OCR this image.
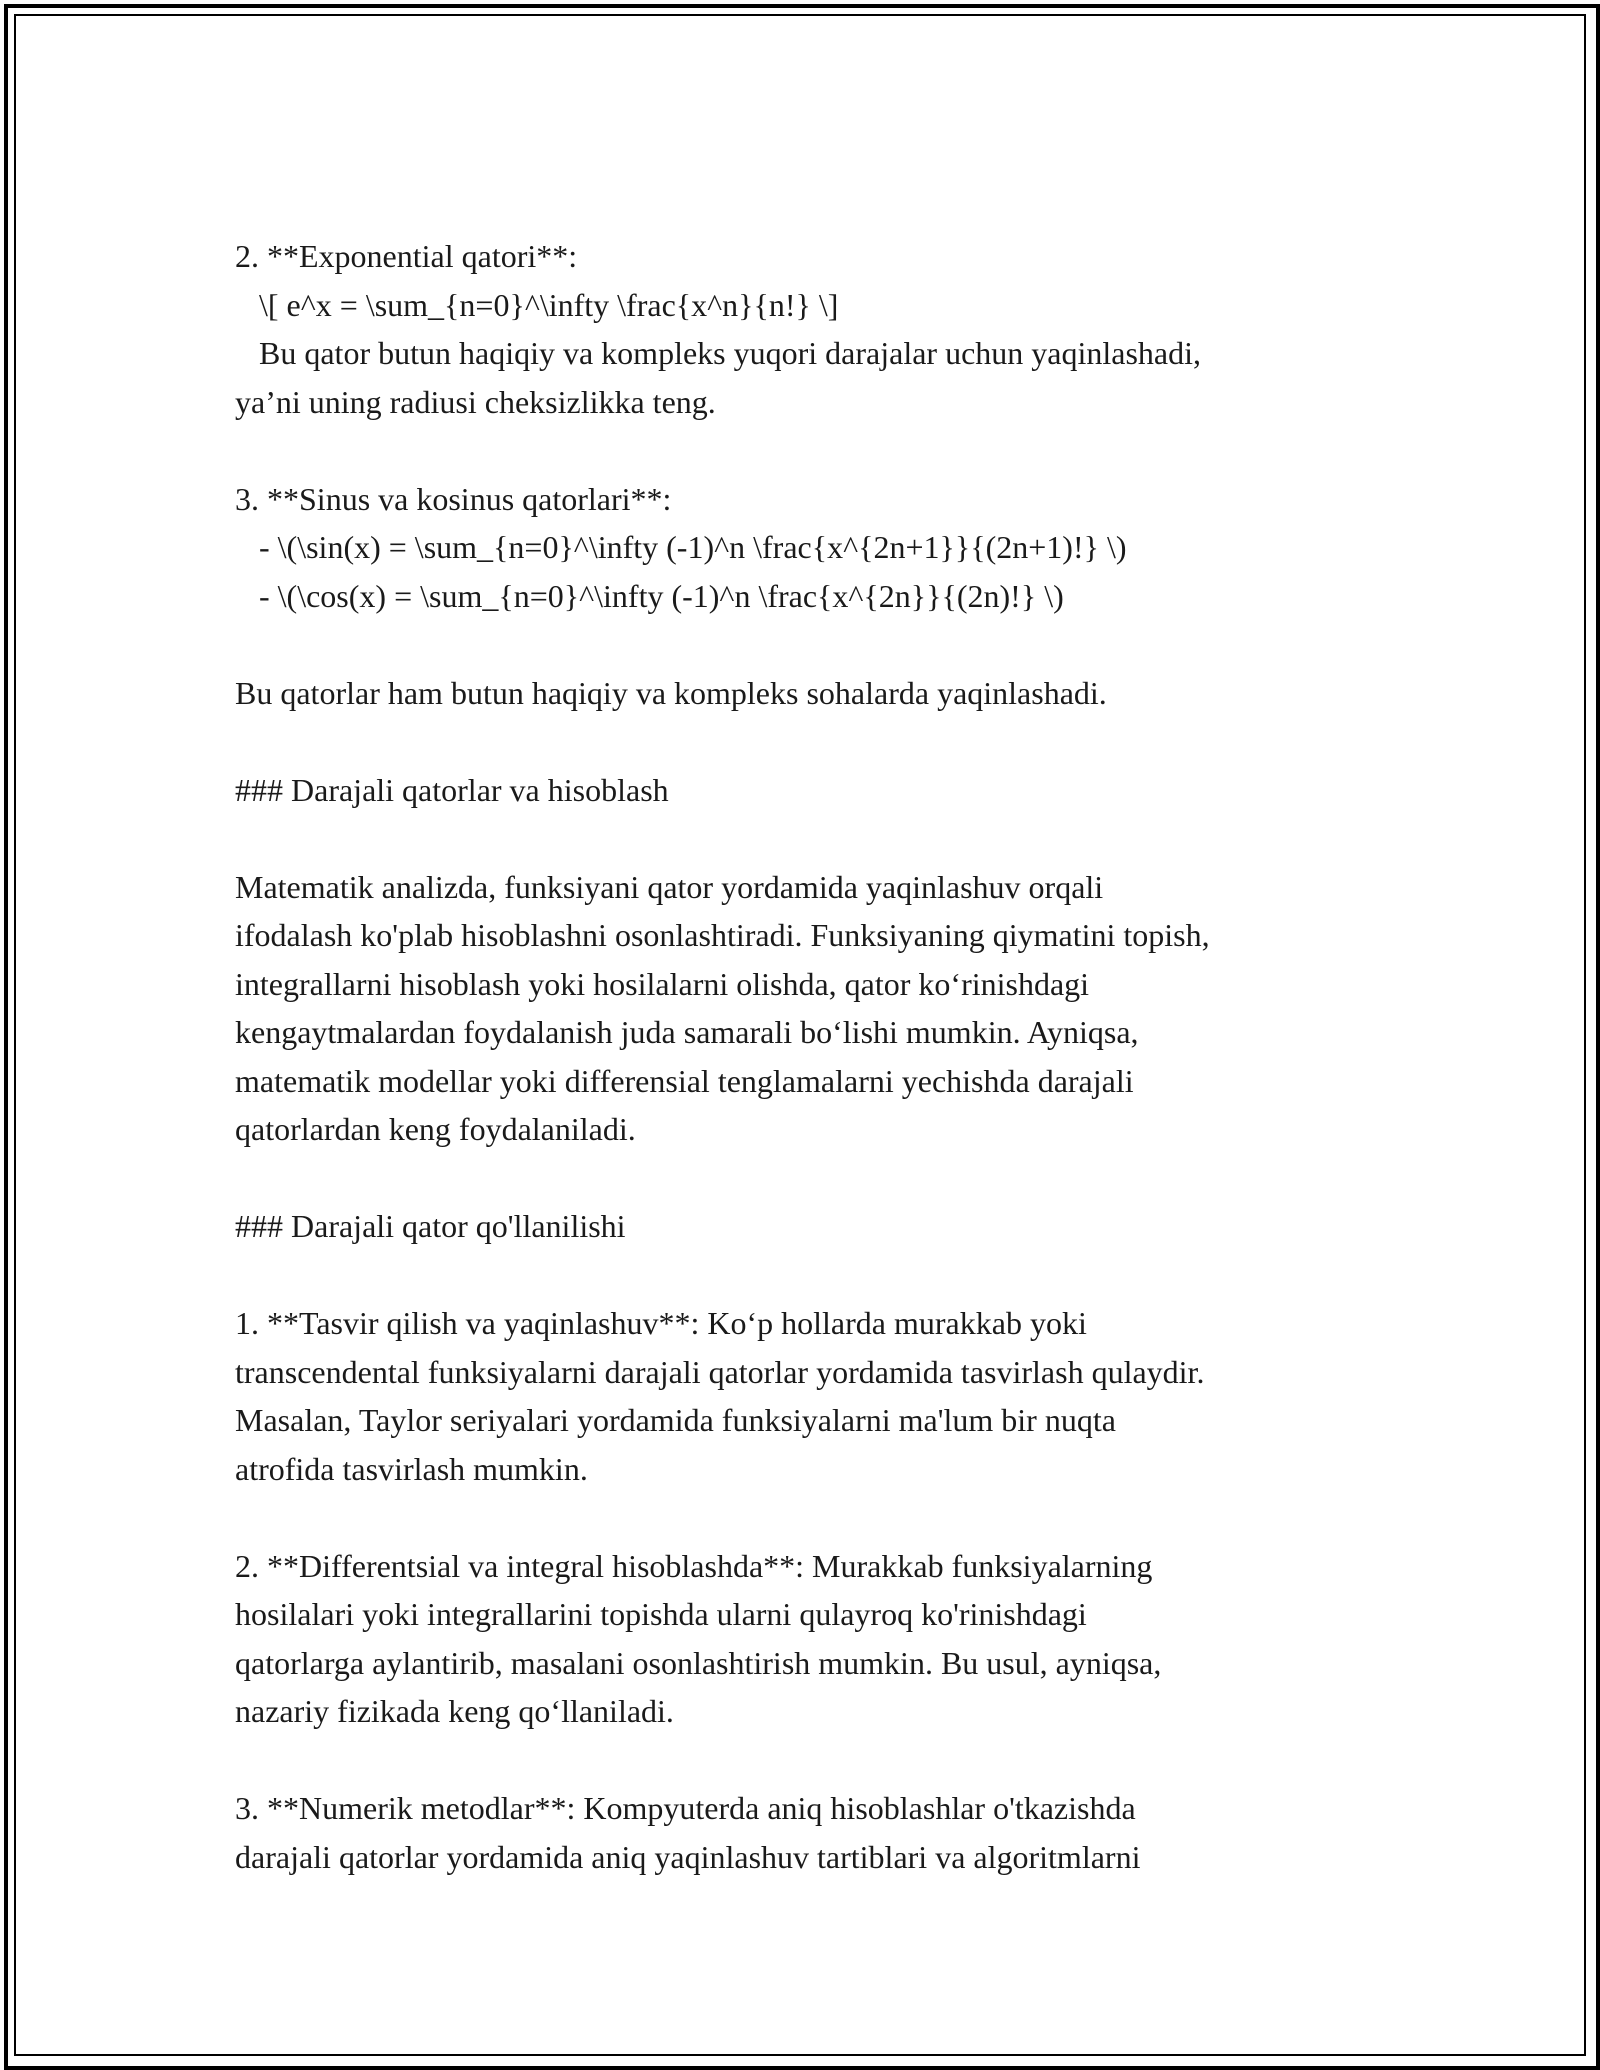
2. **Exponential qatori**:
\[ e^x = \sum_{n=0}^\infty \frac{x^n}{n!} \]
Bu qator butun haqiqiy va kompleks yuqori darajalar uchun yaqinlashadi,
ya’ni uning radiusi cheksizlikka teng.
3. **Sinus va kosinus qatorlari**:
- \(\sin(x) = \sum_{n=0}^\infty (-1)^n \frac{x^{2n+1}}{(2n+1)!} \)
- \(\cos(x) = \sum_{n=0}^\infty (-1)^n \frac{x^{2n}}{(2n)!} \)
Bu qatorlar ham butun haqiqiy va kompleks sohalarda yaqinlashadi.
### Darajali qatorlar va hisoblash
Matematik analizda, funksiyani qator yordamida yaqinlashuv orqali
ifodalash ko'plab hisoblashni osonlashtiradi. Funksiyaning qiymatini topish,
integrallarni hisoblash yoki hosilalarni olishda, qator ko‘rinishdagi
kengaytmalardan foydalanish juda samarali bo‘lishi mumkin. Ayniqsa,
matematik modellar yoki differensial tenglamalarni yechishda darajali
qatorlardan keng foydalaniladi.
### Darajali qator qo'llanilishi
1. **Tasvir qilish va yaqinlashuv**: Ko‘p hollarda murakkab yoki
transcendental funksiyalarni darajali qatorlar yordamida tasvirlash qulaydir.
Masalan, Taylor seriyalari yordamida funksiyalarni ma'lum bir nuqta
atrofida tasvirlash mumkin.
2. **Differentsial va integral hisoblashda**: Murakkab funksiyalarning
hosilalari yoki integrallarini topishda ularni qulayroq ko'rinishdagi
qatorlarga aylantirib, masalani osonlashtirish mumkin. Bu usul, ayniqsa,
nazariy fizikada keng qo‘llaniladi.
3. **Numerik metodlar**: Kompyuterda aniq hisoblashlar o'tkazishda
darajali qatorlar yordamida aniq yaqinlashuv tartiblari va algoritmlarni
